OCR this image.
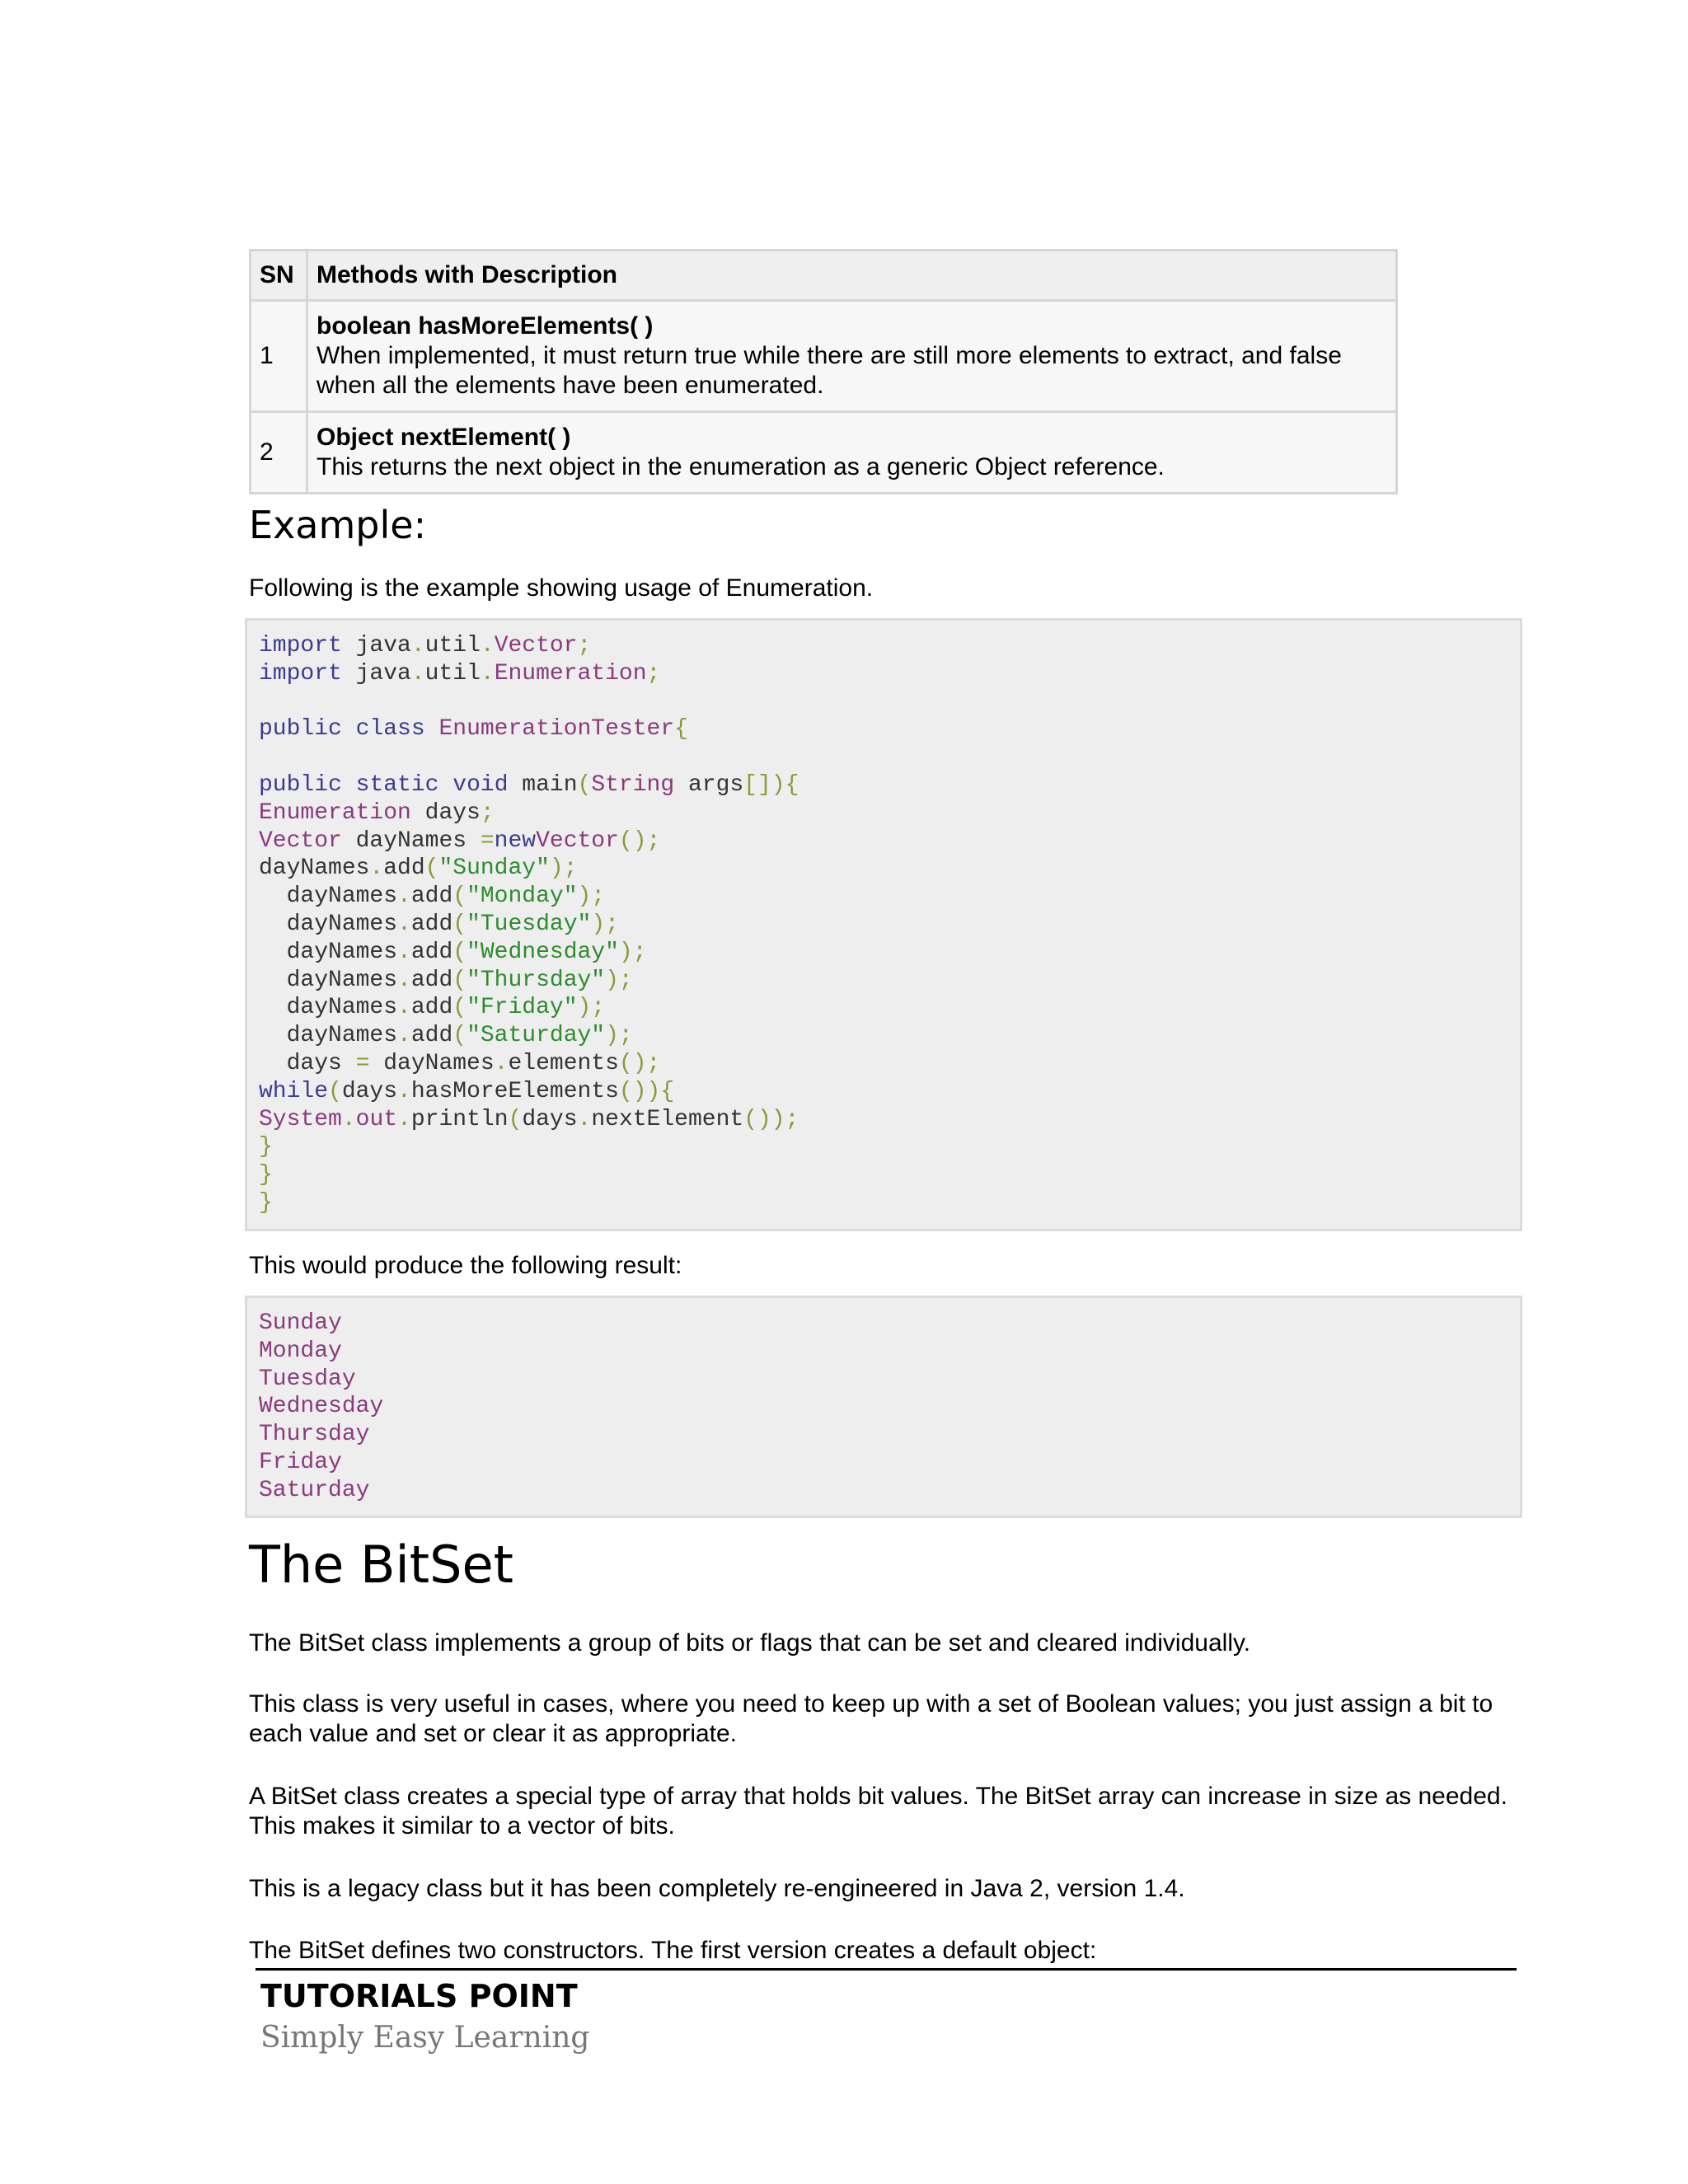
SN	Methods with Description
1	boolean hasMoreElements( )
When implemented, it must return true while there are still more elements to extract, and false when all the elements have been enumerated.

2	Object nextElement( )
This returns the next object in the enumeration as a generic Object reference.
Example:

Following is the example showing usage of Enumeration.

import java.util.Vector;
import java.util.Enumeration;
public class EnumerationTester{
public static void main(String args[]){
Enumeration days;
Vector dayNames =newVector();
dayNames.add("Sunday");
dayNames.add("Monday");
dayNames.add("Tuesday");
dayNames.add("Wednesday");
dayNames.add("Thursday");
dayNames.add("Friday");
dayNames.add("Saturday");
days = dayNames.elements();
while(days.hasMoreElements()){
System.out.println(days.nextElement());
}
}
}

This would produce the following result:

Sunday
Monday
Tuesday
Wednesday
Thursday
Friday
Saturday
The BitSet

The BitSet class implements a group of bits or flags that can be set and cleared individually.

This class is very useful in cases, where you need to keep up with a set of Boolean values; you just assign a bit to each value and set or clear it as appropriate.

A BitSet class creates a special type of array that holds bit values. The BitSet array can increase in size as needed. This makes it similar to a vector of bits.

This is a legacy class but it has been completely re-engineered in Java 2, version 1.4.

The BitSet defines two constructors. The first version creates a default object:

TUTORIALS POINT

Simply Easy Learning
